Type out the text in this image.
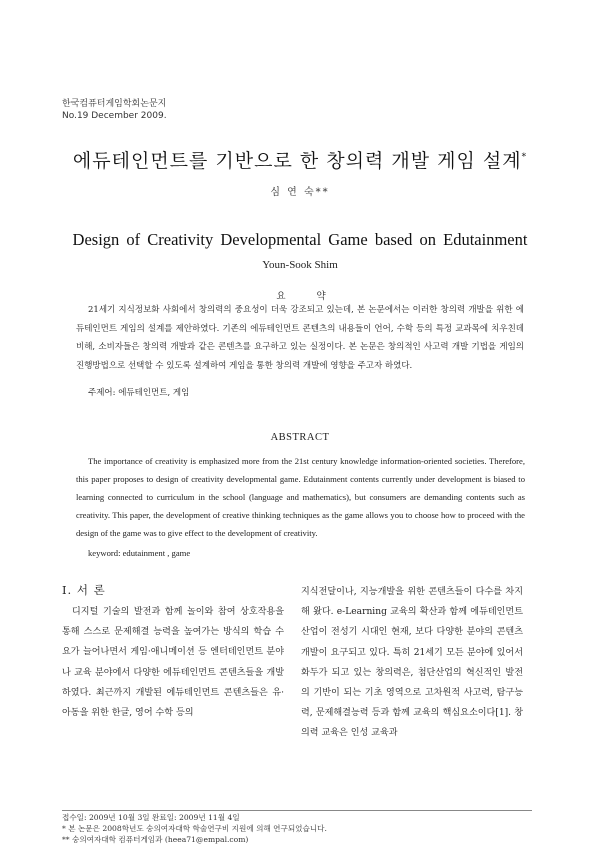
한국컴퓨터게임학회논문지
No.19 December 2009.
에듀테인먼트를 기반으로 한 창의력 개발 게임 설계*
심 연 숙**
Design of Creativity Developmental Game based on Edutainment
Youn-Sook Shim
요 약
21세기 지식정보화 사회에서 창의력의 중요성이 더욱 강조되고 있는데, 본 논문에서는 이러한 창의력 개발을 위한 에듀테인먼트 게임의 설계를 제안하였다. 기존의 에듀테인먼트 콘텐츠의 내용들이 언어, 수학 등의 특정 교과목에 치우친데 비해, 소비자들은 창의력 개발과 같은 콘텐츠를 요구하고 있는 실정이다. 본 논문은 창의적인 사고력 개발 기법을 게임의 진행방법으로 선택할 수 있도록 설계하여 게임을 통한 창의력 개발에 영향을 주고자 하였다.
주제어: 에듀테인먼트, 게임
ABSTRACT
The importance of creativity is emphasized more from the 21st century knowledge information-oriented societies. Therefore, this paper proposes to design of creativity developmental game. Edutainment contents currently under development is biased to learning connected to curriculum in the school (language and mathematics), but consumers are demanding contents such as creativity. This paper, the development of creative thinking techniques as the game allows you to choose how to proceed with the design of the game was to give effect to the development of creativity.
keyword: edutainment , game
Ⅰ. 서 론
디지털 기술의 발전과 함께 놀이와 참여 상호작용을 통해 스스로 문제해결 능력을 높여가는 방식의 학습 수요가 늘어나면서 게임·애니메이션 등 엔터테인먼트 분야나 교육 분야에서 다양한 에듀테인먼트 콘텐츠들을 개발하였다. 최근까지 개발된 에듀테인먼트 콘텐츠들은 유·아동을 위한 한글, 영어 수학 등의
지식전달이나, 지능개발을 위한 콘텐츠들이 다수를 차지해 왔다. e-Learning 교육의 확산과 함께 에듀테인먼트 산업이 전성기 시대인 현재, 보다 다양한 분야의 콘텐츠 개발이 요구되고 있다. 특히 21세기 모든 분야에 있어서 화두가 되고 있는 창의력은, 첨단산업의 혁신적인 발전의 기반이 되는 기초 영역으로 고차원적 사고력, 탐구능력, 문제해결능력 등과 함께 교육의 핵심요소이다[1]. 창의력 교육은 인성 교육과
접수일: 2009년 10월 3일 완료일: 2009년 11월 4일
* 본 논문은 2008학년도 숭의여자대학 학술연구비 지원에 의해 연구되었습니다.
** 숭의여자대학 컴퓨터게임과 (heea71@empal.com)
